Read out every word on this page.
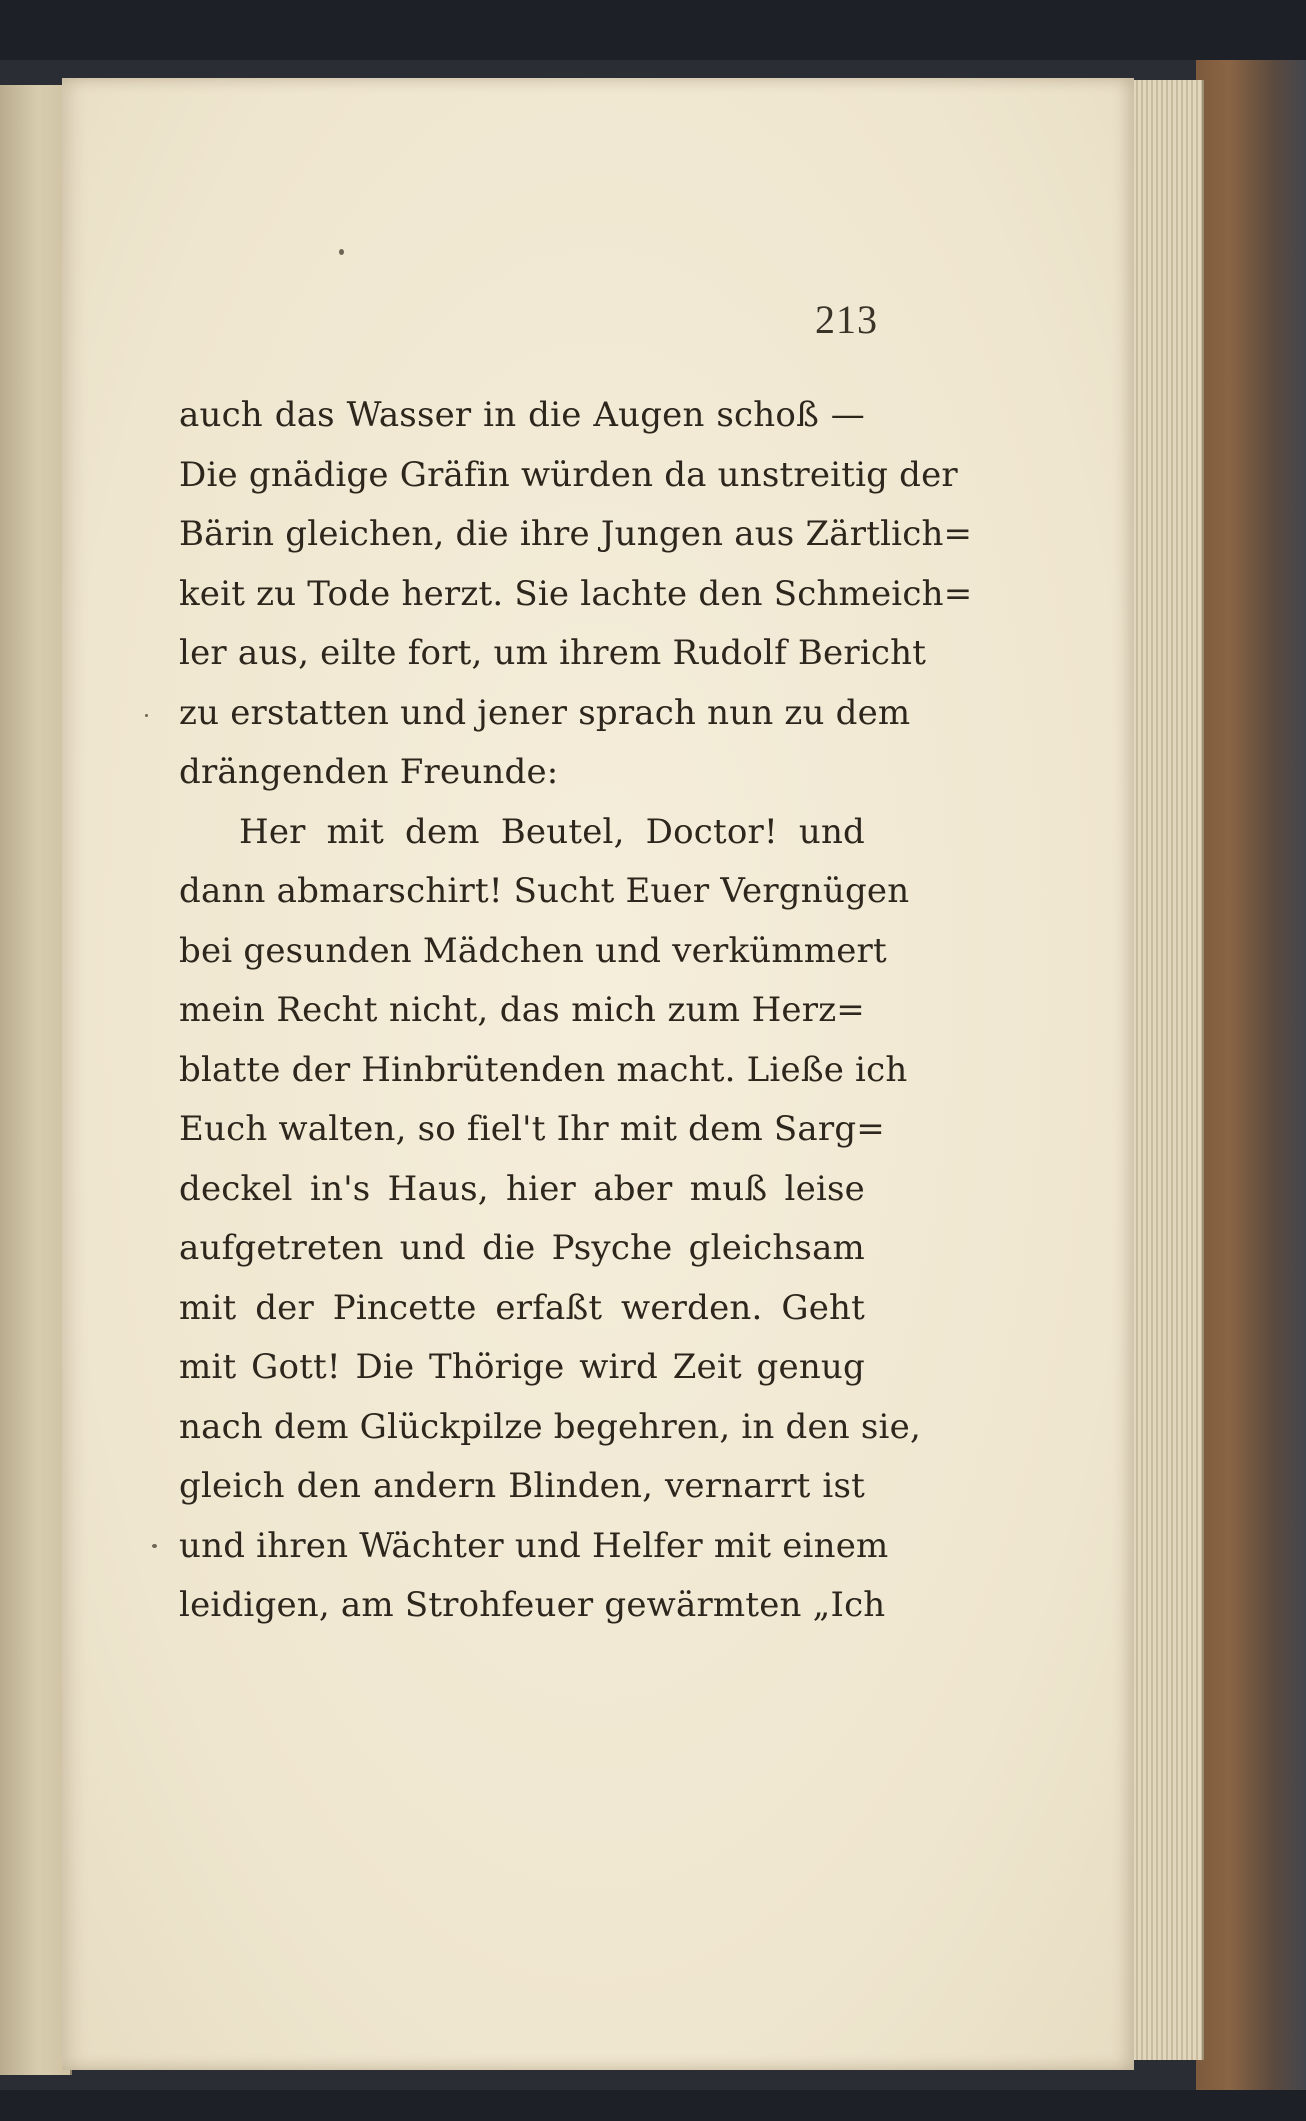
213
auch das Wasser in die Augen schoß —
Die gnädige Gräfin würden da unstreitig der
Bärin gleichen, die ihre Jungen aus Zärtlich=
keit zu Tode herzt. Sie lachte den Schmeich=
ler aus, eilte fort, um ihrem Rudolf Bericht
zu erstatten und jener sprach nun zu dem
drängenden Freunde:
Her mit dem Beutel, Doctor! und
dann abmarschirt! Sucht Euer Vergnügen
bei gesunden Mädchen und verkümmert
mein Recht nicht, das mich zum Herz=
blatte der Hinbrütenden macht. Ließe ich
Euch walten, so fiel't Ihr mit dem Sarg=
deckel in's Haus, hier aber muß leise
aufgetreten und die Psyche gleichsam
mit der Pincette erfaßt werden. Geht
mit Gott! Die Thörige wird Zeit genug
nach dem Glückpilze begehren, in den sie,
gleich den andern Blinden, vernarrt ist
und ihren Wächter und Helfer mit einem
leidigen, am Strohfeuer gewärmten „Ich
